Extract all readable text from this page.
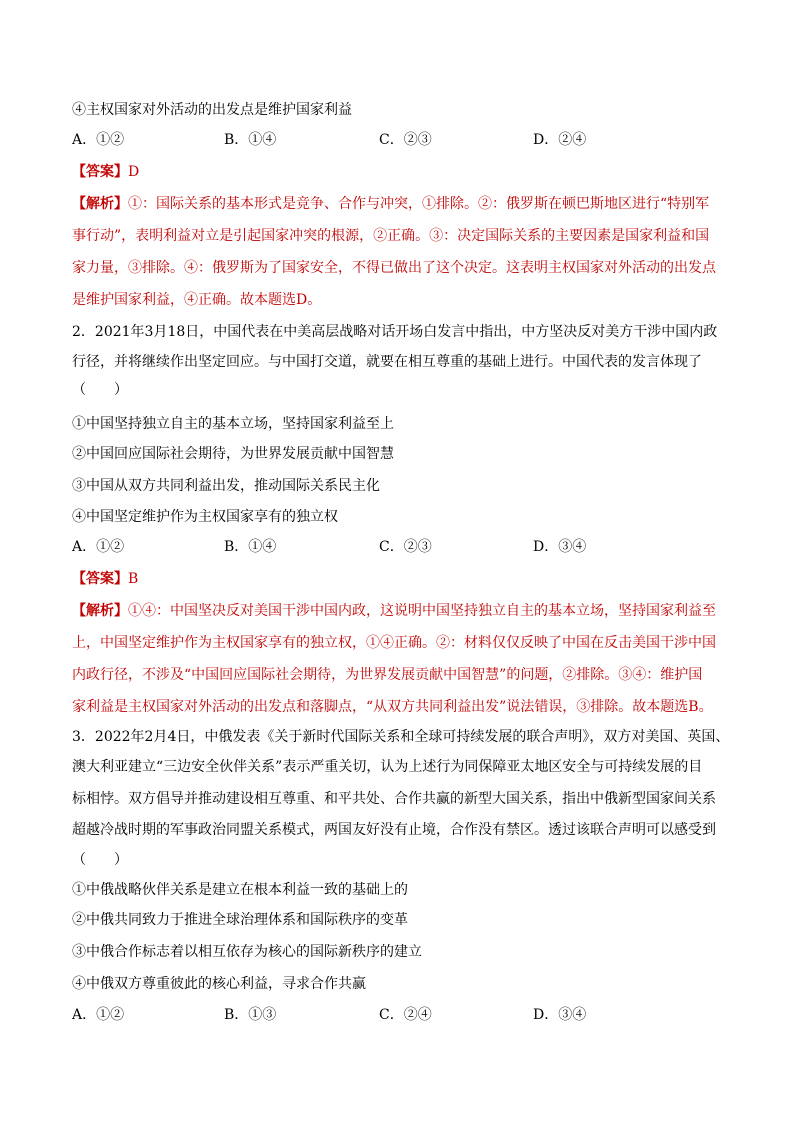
④主权国家对外活动的出发点是维护国家利益
A．①②	B．①④	C．②③	D．②④
【答案】D
【解析】①：国际关系的基本形式是竞争、合作与冲突，①排除。②：俄罗斯在顿巴斯地区进行“特别军
事行动”，表明利益对立是引起国家冲突的根源，②正确。③：决定国际关系的主要因素是国家利益和国
家力量，③排除。④：俄罗斯为了国家安全，不得已做出了这个决定。这表明主权国家对外活动的出发点
是维护国家利益，④正确。故本题选D。
2．2021年3月18日，中国代表在中美高层战略对话开场白发言中指出，中方坚决反对美方干涉中国内政
行径，并将继续作出坚定回应。与中国打交道，就要在相互尊重的基础上进行。中国代表的发言体现了
（　　）
①中国坚持独立自主的基本立场，坚持国家利益至上
②中国回应国际社会期待，为世界发展贡献中国智慧
③中国从双方共同利益出发，推动国际关系民主化
④中国坚定维护作为主权国家享有的独立权
A．①②	B．①④	C．②③	D．③④
【答案】B
【解析】①④：中国坚决反对美国干涉中国内政，这说明中国坚持独立自主的基本立场，坚持国家利益至
上，中国坚定维护作为主权国家享有的独立权，①④正确。②：材料仅仅反映了中国在反击美国干涉中国
内政行径，不涉及“中国回应国际社会期待，为世界发展贡献中国智慧”的问题，②排除。③④：维护国
家利益是主权国家对外活动的出发点和落脚点，“从双方共同利益出发”说法错误，③排除。故本题选B。
3．2022年2月4日，中俄发表《关于新时代国际关系和全球可持续发展的联合声明》，双方对美国、英国、
澳大利亚建立“三边安全伙伴关系”表示严重关切，认为上述行为同保障亚太地区安全与可持续发展的目
标相悖。双方倡导并推动建设相互尊重、和平共处、合作共赢的新型大国关系，指出中俄新型国家间关系
超越冷战时期的军事政治同盟关系模式，两国友好没有止境，合作没有禁区。透过该联合声明可以感受到
（　　）
①中俄战略伙伴关系是建立在根本利益一致的基础上的
②中俄共同致力于推进全球治理体系和国际秩序的变革
③中俄合作标志着以相互依存为核心的国际新秩序的建立
④中俄双方尊重彼此的核心利益，寻求合作共赢
A．①②	B．①③	C．②④	D．③④
